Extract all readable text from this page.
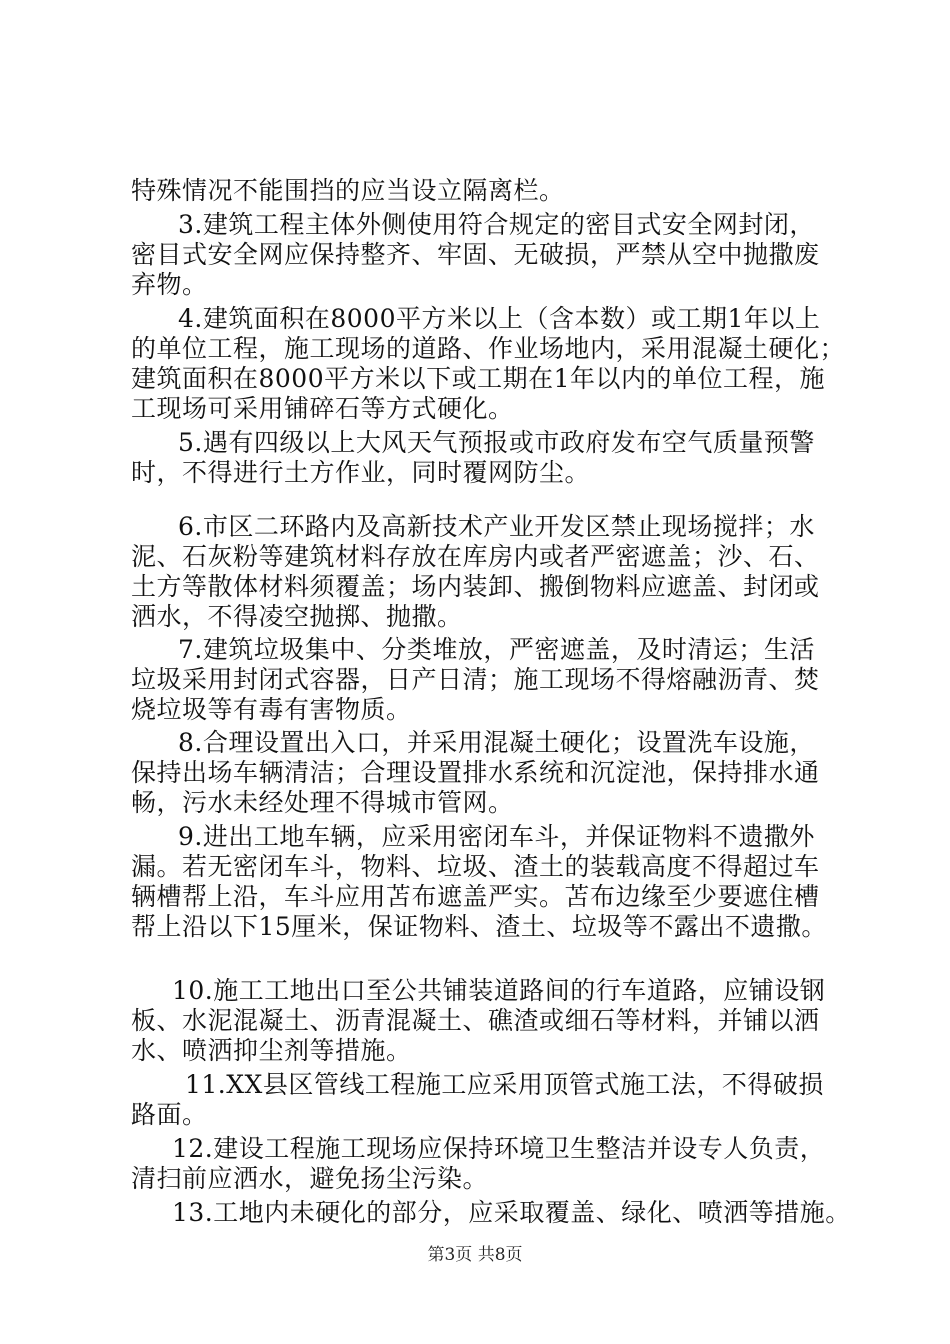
特殊情况不能围挡的应当设立隔离栏。
3.建筑工程主体外侧使用符合规定的密目式安全网封闭，
密目式安全网应保持整齐、牢固、无破损，严禁从空中抛撒废
弃物。
4.建筑面积在8000平方米以上（含本数）或工期1年以上
的单位工程，施工现场的道路、作业场地内，采用混凝土硬化；
建筑面积在8000平方米以下或工期在1年以内的单位工程，施
工现场可采用铺碎石等方式硬化。
5.遇有四级以上大风天气预报或市政府发布空气质量预警
时，不得进行土方作业，同时覆网防尘。
6.市区二环路内及高新技术产业开发区禁止现场搅拌；水
泥、石灰粉等建筑材料存放在库房内或者严密遮盖；沙、石、
土方等散体材料须覆盖；场内装卸、搬倒物料应遮盖、封闭或
洒水，不得凌空抛掷、抛撒。
7.建筑垃圾集中、分类堆放，严密遮盖，及时清运；生活
垃圾采用封闭式容器，日产日清；施工现场不得熔融沥青、焚
烧垃圾等有毒有害物质。
8.合理设置出入口，并采用混凝土硬化；设置洗车设施，
保持出场车辆清洁；合理设置排水系统和沉淀池，保持排水通
畅，污水未经处理不得城市管网。
9.进出工地车辆，应采用密闭车斗，并保证物料不遗撒外
漏。若无密闭车斗，物料、垃圾、渣土的装载高度不得超过车
辆槽帮上沿，车斗应用苫布遮盖严实。苫布边缘至少要遮住槽
帮上沿以下15厘米，保证物料、渣土、垃圾等不露出不遗撒。
10.施工工地出口至公共铺装道路间的行车道路，应铺设钢
板、水泥混凝土、沥青混凝土、礁渣或细石等材料，并铺以洒
水、喷洒抑尘剂等措施。
11.XX县区管线工程施工应采用顶管式施工法，不得破损
路面。
12.建设工程施工现场应保持环境卫生整洁并设专人负责，
清扫前应洒水，避免扬尘污染。
13.工地内未硬化的部分，应采取覆盖、绿化、喷洒等措施。
第3页 共8页
